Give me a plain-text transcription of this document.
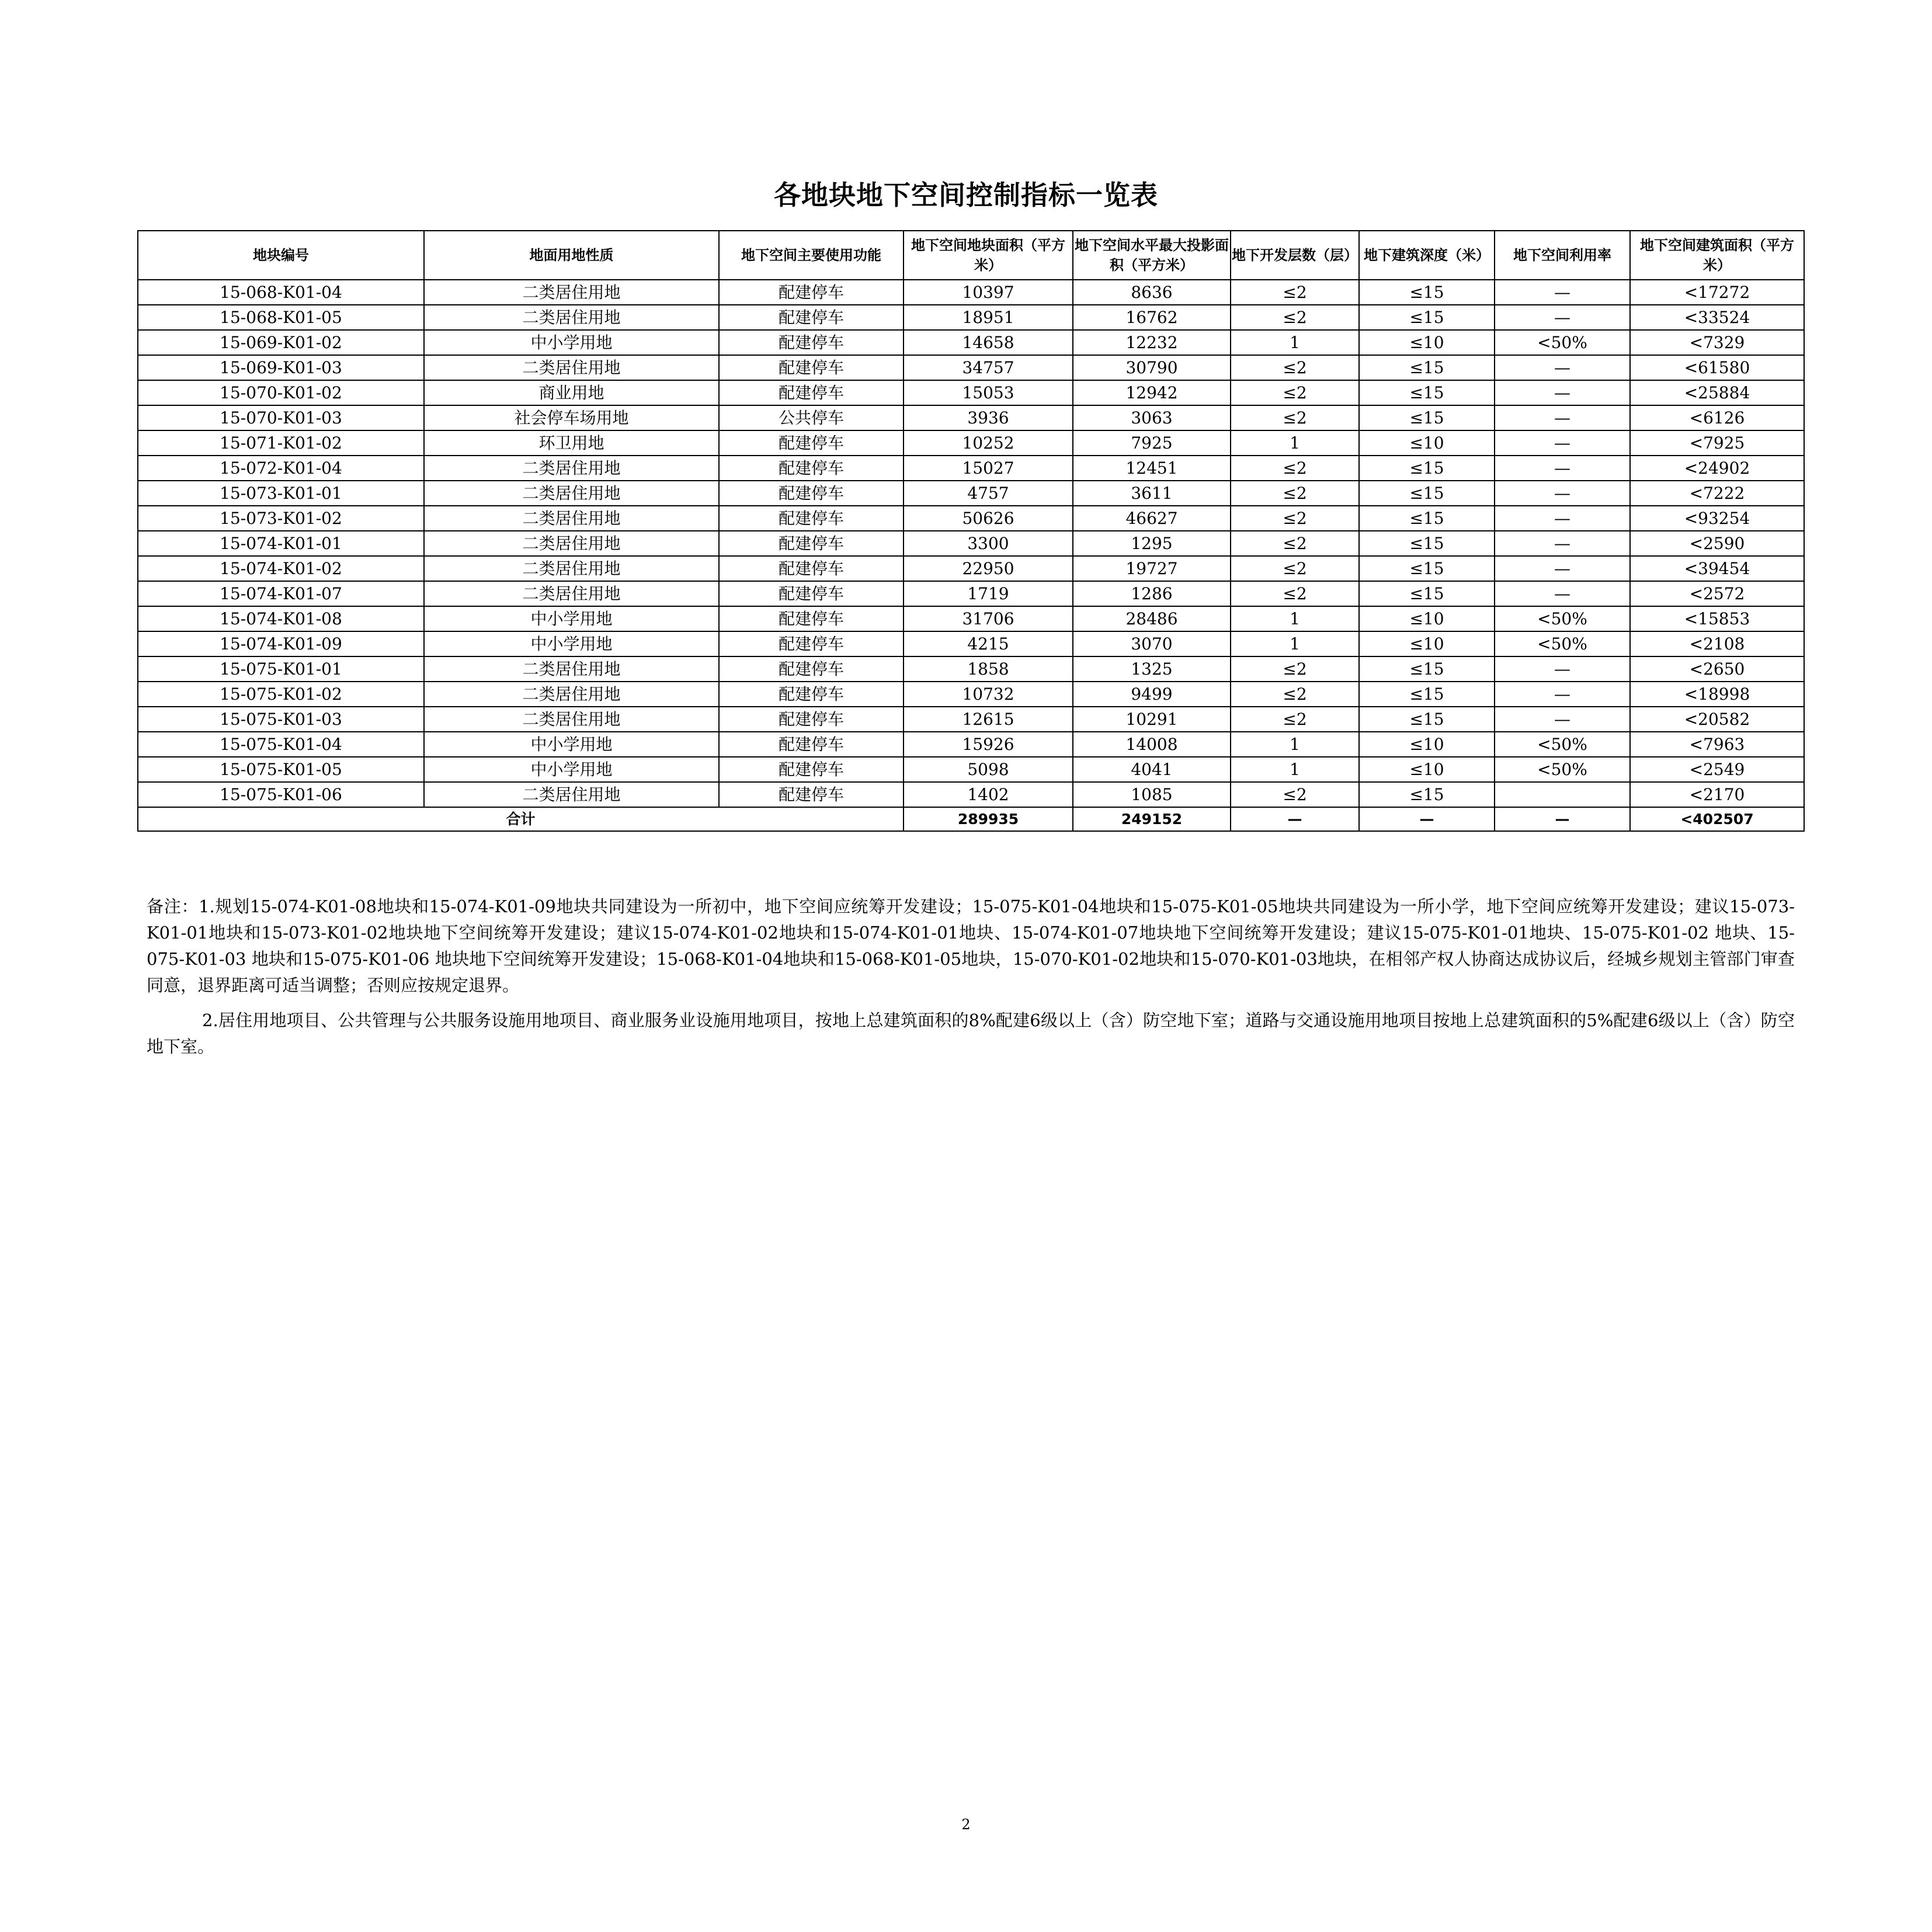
各地块地下空间控制指标一览表
地块编号	地面用地性质	地下空间主要使用功能	地下空间地块面积（平方米）	地下空间水平最大投影面积（平方米）	地下开发层数（层）	地下建筑深度（米）	地下空间利用率	地下空间建筑面积（平方米）
15-068-K01-04	二类居住用地	配建停车	10397	8636	≤2	≤15	—	<17272
15-068-K01-05	二类居住用地	配建停车	18951	16762	≤2	≤15	—	<33524
15-069-K01-02	中小学用地	配建停车	14658	12232	1	≤10	<50%	<7329
15-069-K01-03	二类居住用地	配建停车	34757	30790	≤2	≤15	—	<61580
15-070-K01-02	商业用地	配建停车	15053	12942	≤2	≤15	—	<25884
15-070-K01-03	社会停车场用地	公共停车	3936	3063	≤2	≤15	—	<6126
15-071-K01-02	环卫用地	配建停车	10252	7925	1	≤10	—	<7925
15-072-K01-04	二类居住用地	配建停车	15027	12451	≤2	≤15	—	<24902
15-073-K01-01	二类居住用地	配建停车	4757	3611	≤2	≤15	—	<7222
15-073-K01-02	二类居住用地	配建停车	50626	46627	≤2	≤15	—	<93254
15-074-K01-01	二类居住用地	配建停车	3300	1295	≤2	≤15	—	<2590
15-074-K01-02	二类居住用地	配建停车	22950	19727	≤2	≤15	—	<39454
15-074-K01-07	二类居住用地	配建停车	1719	1286	≤2	≤15	—	<2572
15-074-K01-08	中小学用地	配建停车	31706	28486	1	≤10	<50%	<15853
15-074-K01-09	中小学用地	配建停车	4215	3070	1	≤10	<50%	<2108
15-075-K01-01	二类居住用地	配建停车	1858	1325	≤2	≤15	—	<2650
15-075-K01-02	二类居住用地	配建停车	10732	9499	≤2	≤15	—	<18998
15-075-K01-03	二类居住用地	配建停车	12615	10291	≤2	≤15	—	<20582
15-075-K01-04	中小学用地	配建停车	15926	14008	1	≤10	<50%	<7963
15-075-K01-05	中小学用地	配建停车	5098	4041	1	≤10	<50%	<2549
15-075-K01-06	二类居住用地	配建停车	1402	1085	≤2	≤15		<2170
合计			289935	249152	—	—	—	<402507

备注：1.规划15-074-K01-08地块和15-074-K01-09地块共同建设为一所初中，地下空间应统筹开发建设；15-075-K01-04地块和15-075-K01-05地块共同建设为一所小学，地下空间应统筹开发建设；建议15-073-K01-01地块和15-073-K01-02地块地下空间统筹开发建设；建议15-074-K01-02地块和15-074-K01-01地块、15-074-K01-07地块地下空间统筹开发建设；建议15-075-K01-01地块、15-075-K01-02 地块、15-075-K01-03 地块和15-075-K01-06 地块地下空间统筹开发建设；15-068-K01-04地块和15-068-K01-05地块，15-070-K01-02地块和15-070-K01-03地块，在相邻产权人协商达成协议后，经城乡规划主管部门审查同意，退界距离可适当调整；否则应按规定退界。

2.居住用地项目、公共管理与公共服务设施用地项目、商业服务业设施用地项目，按地上总建筑面积的8%配建6级以上（含）防空地下室；道路与交通设施用地项目按地上总建筑面积的5%配建6级以上（含）防空地下室。

2
